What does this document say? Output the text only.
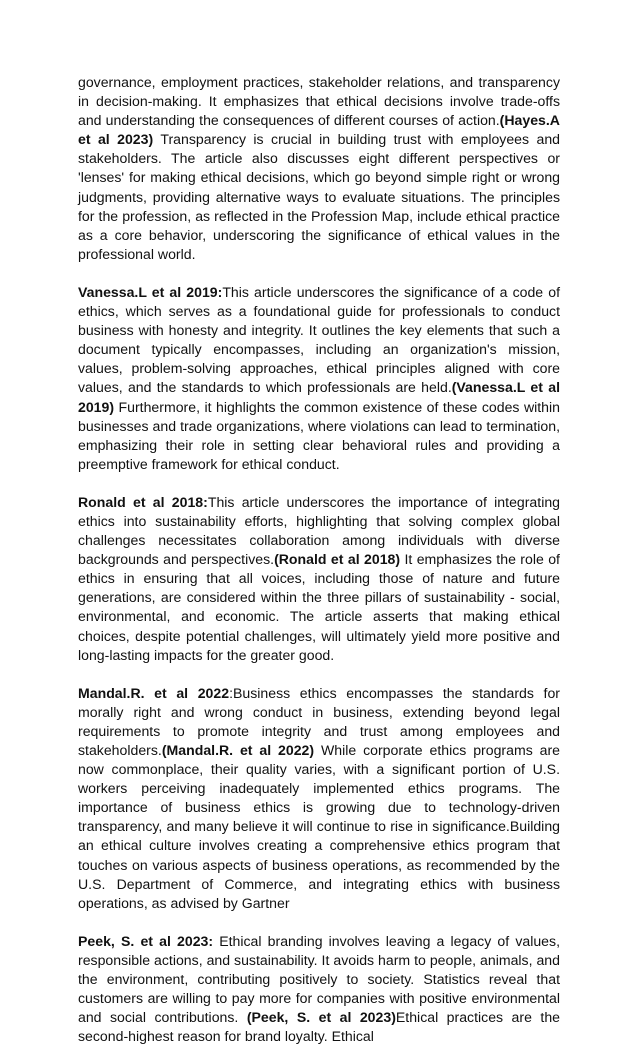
governance, employment practices, stakeholder relations, and transparency in decision-making. It emphasizes that ethical decisions involve trade-offs and understanding the consequences of different courses of action.(Hayes.A et al 2023) Transparency is crucial in building trust with employees and stakeholders. The article also discusses eight different perspectives or 'lenses' for making ethical decisions, which go beyond simple right or wrong judgments, providing alternative ways to evaluate situations. The principles for the profession, as reflected in the Profession Map, include ethical practice as a core behavior, underscoring the significance of ethical values in the professional world.

Vanessa.L et al 2019:This article underscores the significance of a code of ethics, which serves as a foundational guide for professionals to conduct business with honesty and integrity. It outlines the key elements that such a document typically encompasses, including an organization's mission, values, problem-solving approaches, ethical principles aligned with core values, and the standards to which professionals are held.(Vanessa.L et al 2019) Furthermore, it highlights the common existence of these codes within businesses and trade organizations, where violations can lead to termination, emphasizing their role in setting clear behavioral rules and providing a preemptive framework for ethical conduct.

Ronald et al 2018:This article underscores the importance of integrating ethics into sustainability efforts, highlighting that solving complex global challenges necessitates collaboration among individuals with diverse backgrounds and perspectives.(Ronald et al 2018) It emphasizes the role of ethics in ensuring that all voices, including those of nature and future generations, are considered within the three pillars of sustainability - social, environmental, and economic. The article asserts that making ethical choices, despite potential challenges, will ultimately yield more positive and long-lasting impacts for the greater good.

Mandal.R. et al 2022:Business ethics encompasses the standards for morally right and wrong conduct in business, extending beyond legal requirements to promote integrity and trust among employees and stakeholders.(Mandal.R. et al 2022) While corporate ethics programs are now commonplace, their quality varies, with a significant portion of U.S. workers perceiving inadequately implemented ethics programs. The importance of business ethics is growing due to technology-driven transparency, and many believe it will continue to rise in significance.Building an ethical culture involves creating a comprehensive ethics program that touches on various aspects of business operations, as recommended by the U.S. Department of Commerce, and integrating ethics with business operations, as advised by Gartner

Peek, S. et al 2023: Ethical branding involves leaving a legacy of values, responsible actions, and sustainability. It avoids harm to people, animals, and the environment, contributing positively to society. Statistics reveal that customers are willing to pay more for companies with positive environmental and social contributions. (Peek, S. et al 2023)Ethical practices are the second-highest reason for brand loyalty. Ethical
